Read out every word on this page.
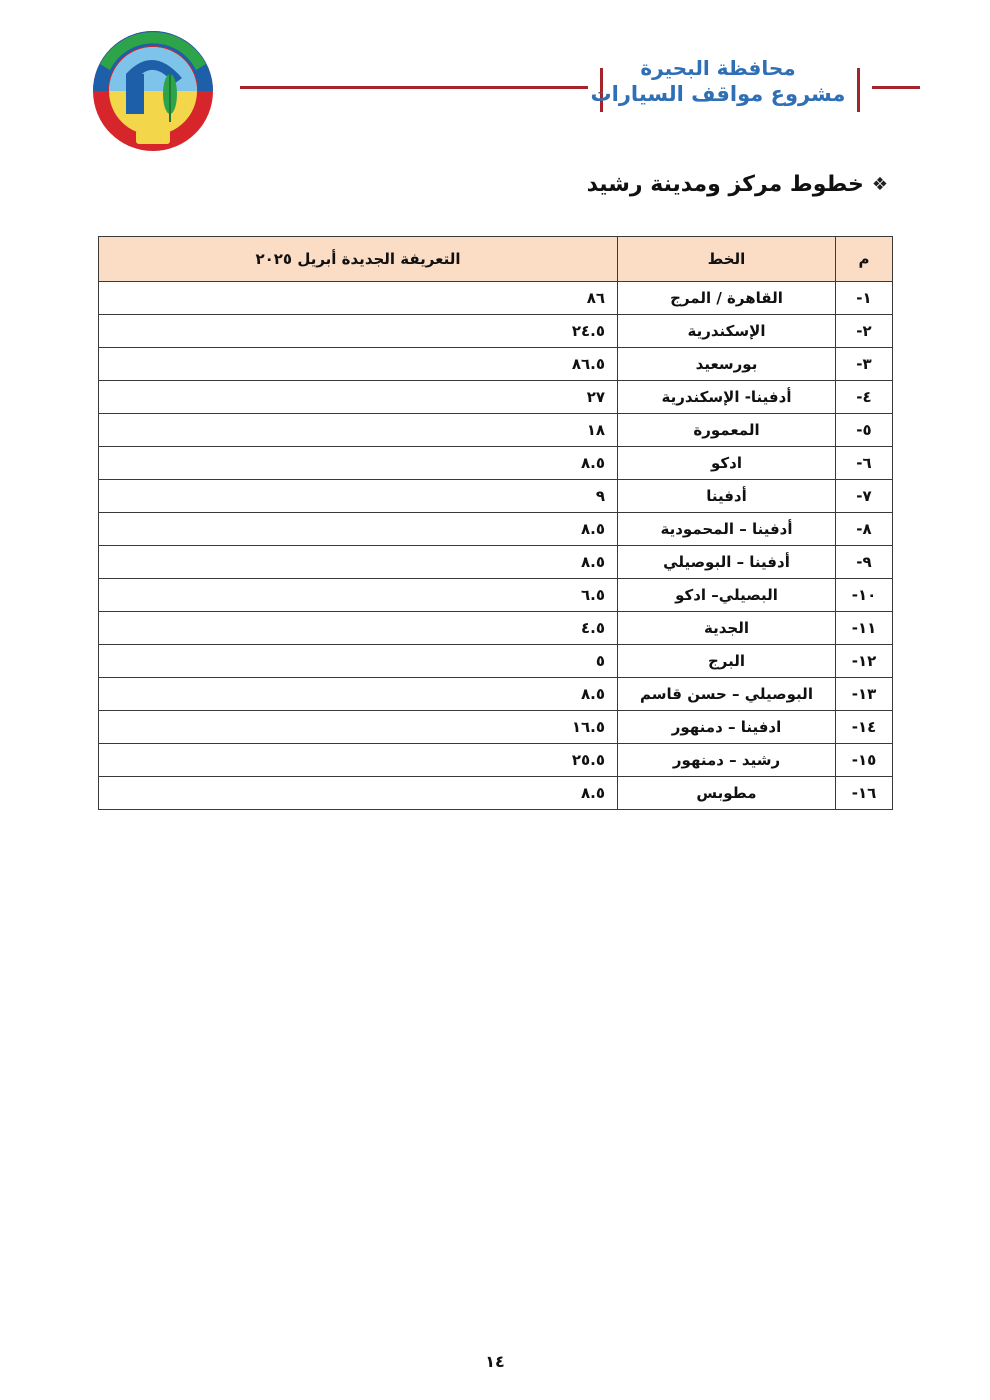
محافظة البحيرة
مشروع مواقف السيارات
❖
خطوط مركز ومدينة رشيد
م	الخط	التعريفة الجديدة أبريل ٢٠٢٥
١-	القاهرة / المرج	٨٦
٢-	الإسكندرية	٢٤.٥
٣-	بورسعيد	٨٦.٥
٤-	أدفينا- الإسكندرية	٢٧
٥-	المعمورة	١٨
٦-	ادكو	٨.٥
٧-	أدفينا	٩
٨-	أدفينا – المحمودية	٨.٥
٩-	أدفينا – البوصيلي	٨.٥
١٠-	البصيلي– ادكو	٦.٥
١١-	الجدية	٤.٥
١٢-	البرج	٥
١٣-	البوصيلي – حسن قاسم	٨.٥
١٤-	ادفينا – دمنهور	١٦.٥
١٥-	رشيد – دمنهور	٢٥.٥
١٦-	مطوبس	٨.٥
١٤
